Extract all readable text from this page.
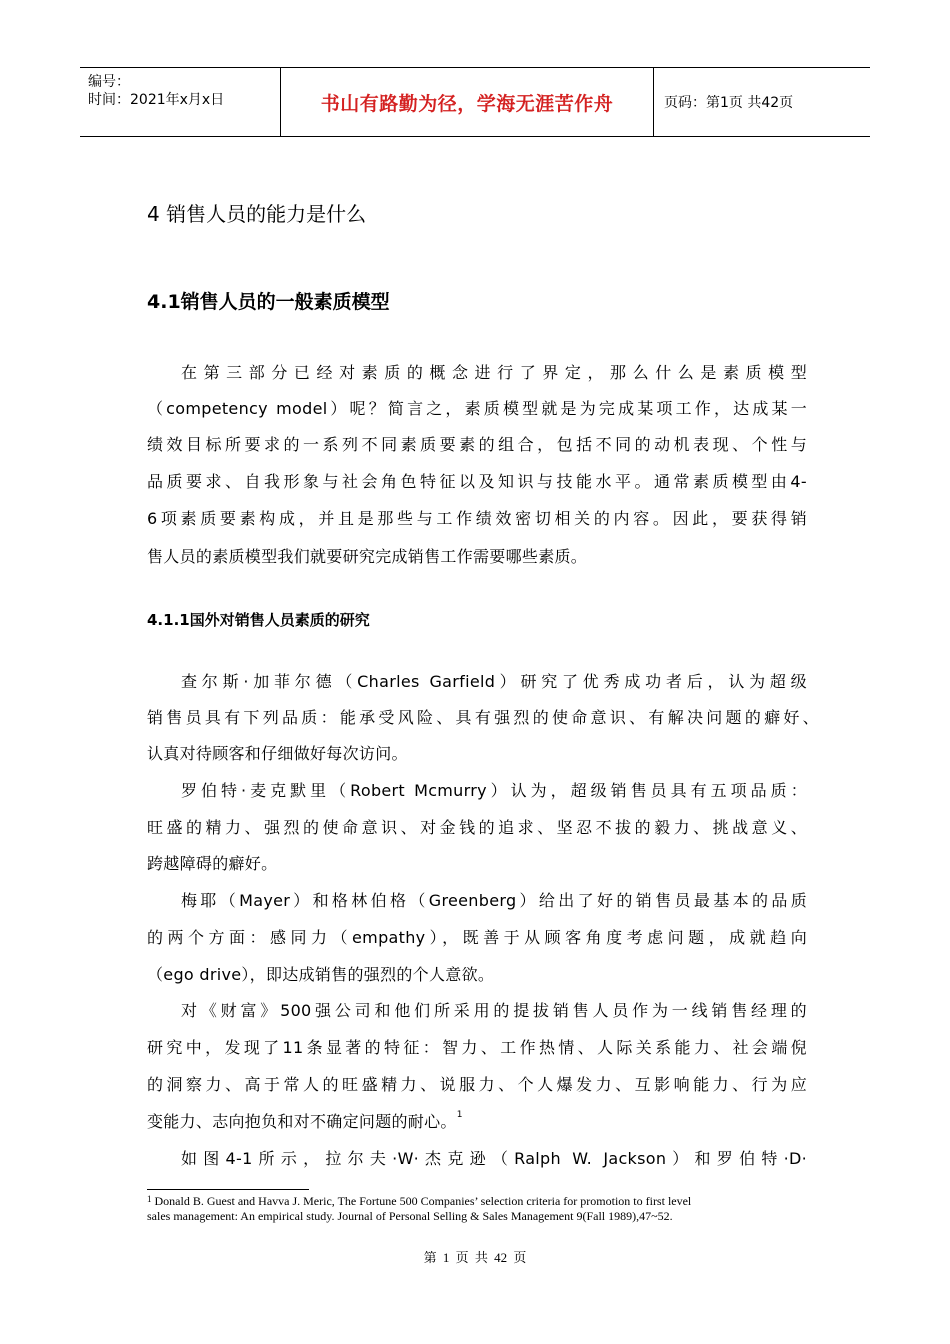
编号：
时间：2021年x月x日	书山有路勤为径，学海无涯苦作舟	页码：第1页 共42页
4 销售人员的能力是什么
4.1销售人员的一般素质模型
在第三部分已经对素质的概念进行了界定，那么什么是素质模型
（competency model）呢？简言之，素质模型就是为完成某项工作，达成某一
绩效目标所要求的一系列不同素质要素的组合，包括不同的动机表现、个性与
品质要求、自我形象与社会角色特征以及知识与技能水平。通常素质模型由4-
6项素质要素构成，并且是那些与工作绩效密切相关的内容。因此，要获得销
售人员的素质模型我们就要研究完成销售工作需要哪些素质。
4.1.1国外对销售人员素质的研究
查尔斯·加菲尔德（Charles Garfield）研究了优秀成功者后，认为超级
销售员具有下列品质：能承受风险、具有强烈的使命意识、有解决问题的癖好、
认真对待顾客和仔细做好每次访问。
罗伯特·麦克默里（Robert Mcmurry）认为，超级销售员具有五项品质：
旺盛的精力、强烈的使命意识、对金钱的追求、坚忍不拔的毅力、挑战意义、
跨越障碍的癖好。
梅耶（Mayer）和格林伯格（Greenberg）给出了好的销售员最基本的品质
的两个方面：感同力（empathy），既善于从顾客角度考虑问题，成就趋向
（ego drive），即达成销售的强烈的个人意欲。
对《财富》500强公司和他们所采用的提拔销售人员作为一线销售经理的
研究中，发现了11条显著的特征：智力、工作热情、人际关系能力、社会端倪
的洞察力、高于常人的旺盛精力、说服力、个人爆发力、互影响能力、行为应
变能力、志向抱负和对不确定问题的耐心。$^1$
如图4-1所示，拉尔夫·W·杰克逊（Ralph W. Jackson）和罗伯特·D·
$^1$ Donald B. Guest and Havva J. Meric, The Fortune 500 Companies’ selection criteria for promotion to first level
sales management: An empirical study. Journal of Personal Selling & Sales Management 9(Fall 1989),47~52.
第 1 页 共 42 页
